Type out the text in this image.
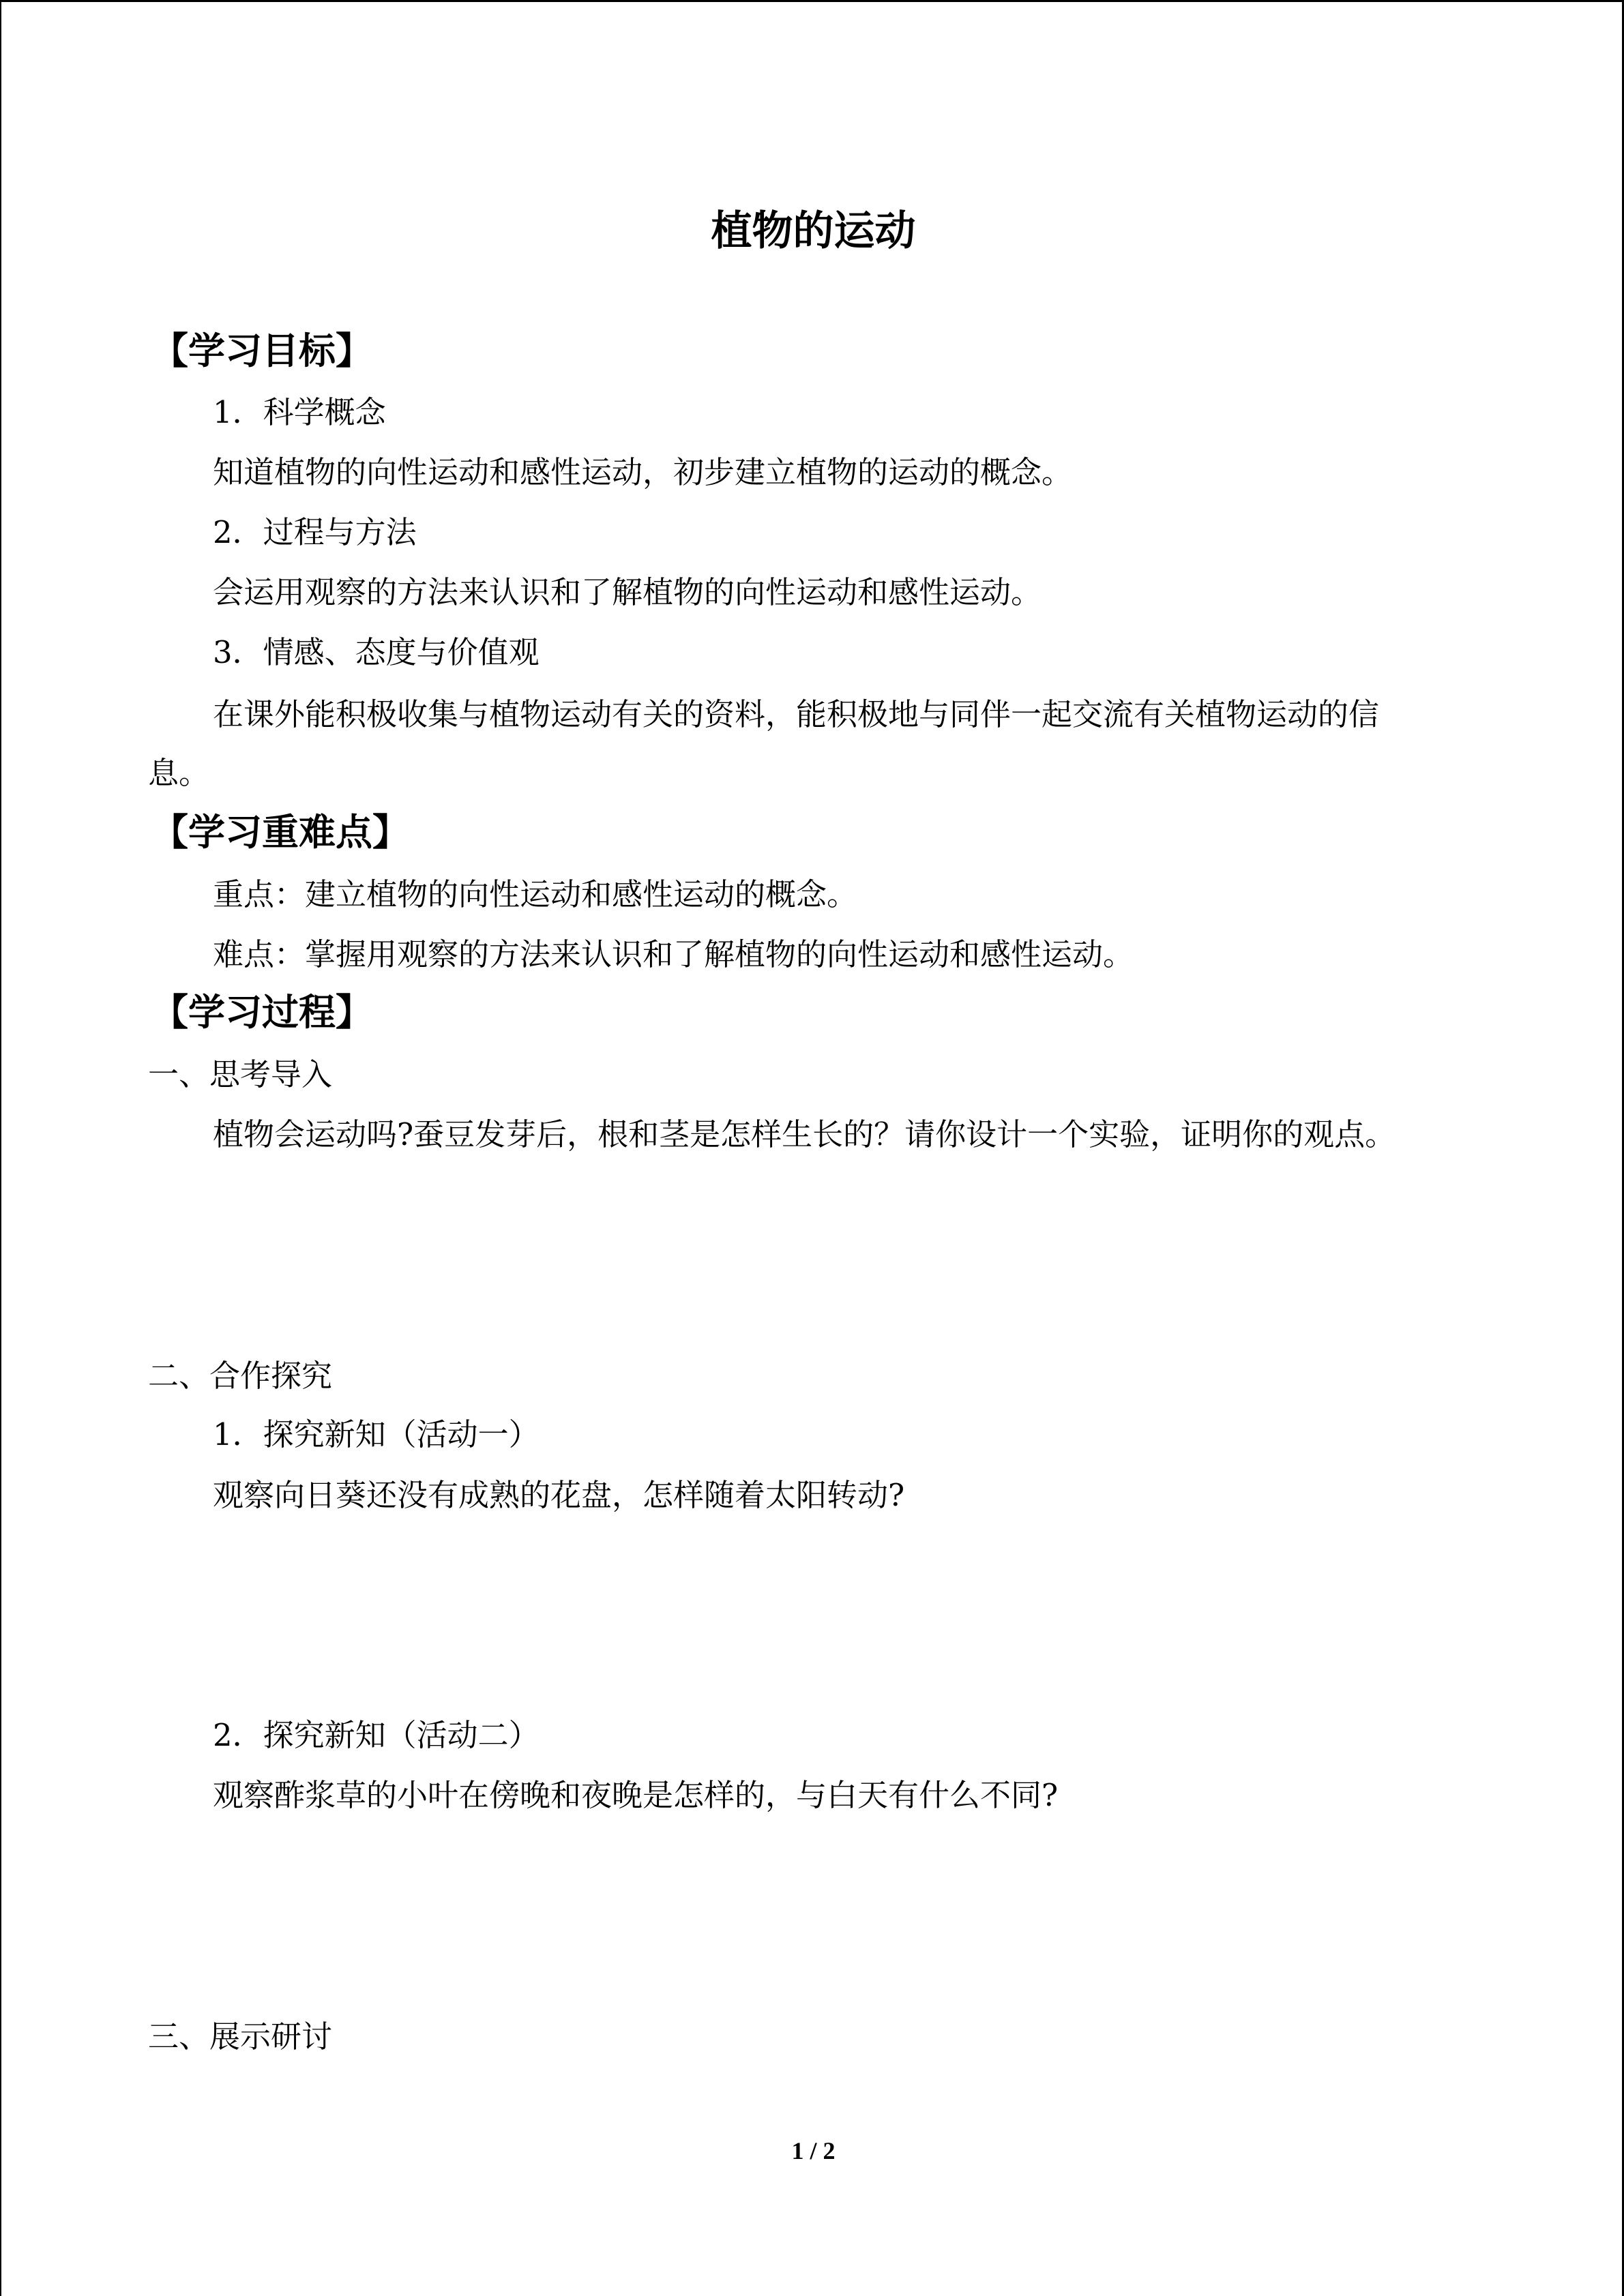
植物的运动
【学习目标】
1．科学概念
知道植物的向性运动和感性运动，初步建立植物的运动的概念。
2．过程与方法
会运用观察的方法来认识和了解植物的向性运动和感性运动。
3．情感、态度与价值观
在课外能积极收集与植物运动有关的资料，能积极地与同伴一起交流有关植物运动的信
息。
【学习重难点】
重点：建立植物的向性运动和感性运动的概念。
难点：掌握用观察的方法来认识和了解植物的向性运动和感性运动。
【学习过程】
一、思考导入
植物会运动吗?蚕豆发芽后，根和茎是怎样生长的？请你设计一个实验，证明你的观点。
二、合作探究
1．探究新知（活动一）
观察向日葵还没有成熟的花盘，怎样随着太阳转动?
2．探究新知（活动二）
观察酢浆草的小叶在傍晚和夜晚是怎样的，与白天有什么不同?
三、展示研讨
1 / 2
